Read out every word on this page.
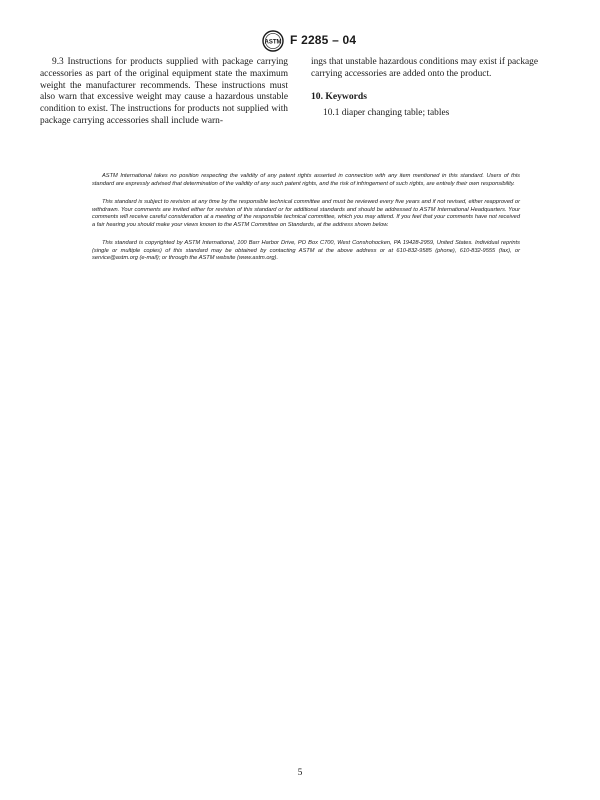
ASTM F 2285 – 04

9.3 Instructions for products supplied with package carrying accessories as part of the original equipment state the maximum weight the manufacturer recommends. These instructions must also warn that excessive weight may cause a hazardous unstable condition to exist. The instructions for products not supplied with package carrying accessories shall include warn-

ings that unstable hazardous conditions may exist if package carrying accessories are added onto the product.

10. Keywords

10.1 diaper changing table; tables

ASTM International takes no position respecting the validity of any patent rights asserted in connection with any item mentioned in this standard. Users of this standard are expressly advised that determination of the validity of any such patent rights, and the risk of infringement of such rights, are entirely their own responsibility.

This standard is subject to revision at any time by the responsible technical committee and must be reviewed every five years and if not revised, either reapproved or withdrawn. Your comments are invited either for revision of this standard or for additional standards and should be addressed to ASTM International Headquarters. Your comments will receive careful consideration at a meeting of the responsible technical committee, which you may attend. If you feel that your comments have not received a fair hearing you should make your views known to the ASTM Committee on Standards, at the address shown below.

This standard is copyrighted by ASTM International, 100 Barr Harbor Drive, PO Box C700, West Conshohocken, PA 19428-2959, United States. Individual reprints (single or multiple copies) of this standard may be obtained by contacting ASTM at the above address or at 610-832-9585 (phone), 610-832-9555 (fax), or service@astm.org (e-mail); or through the ASTM website (www.astm.org).

5
